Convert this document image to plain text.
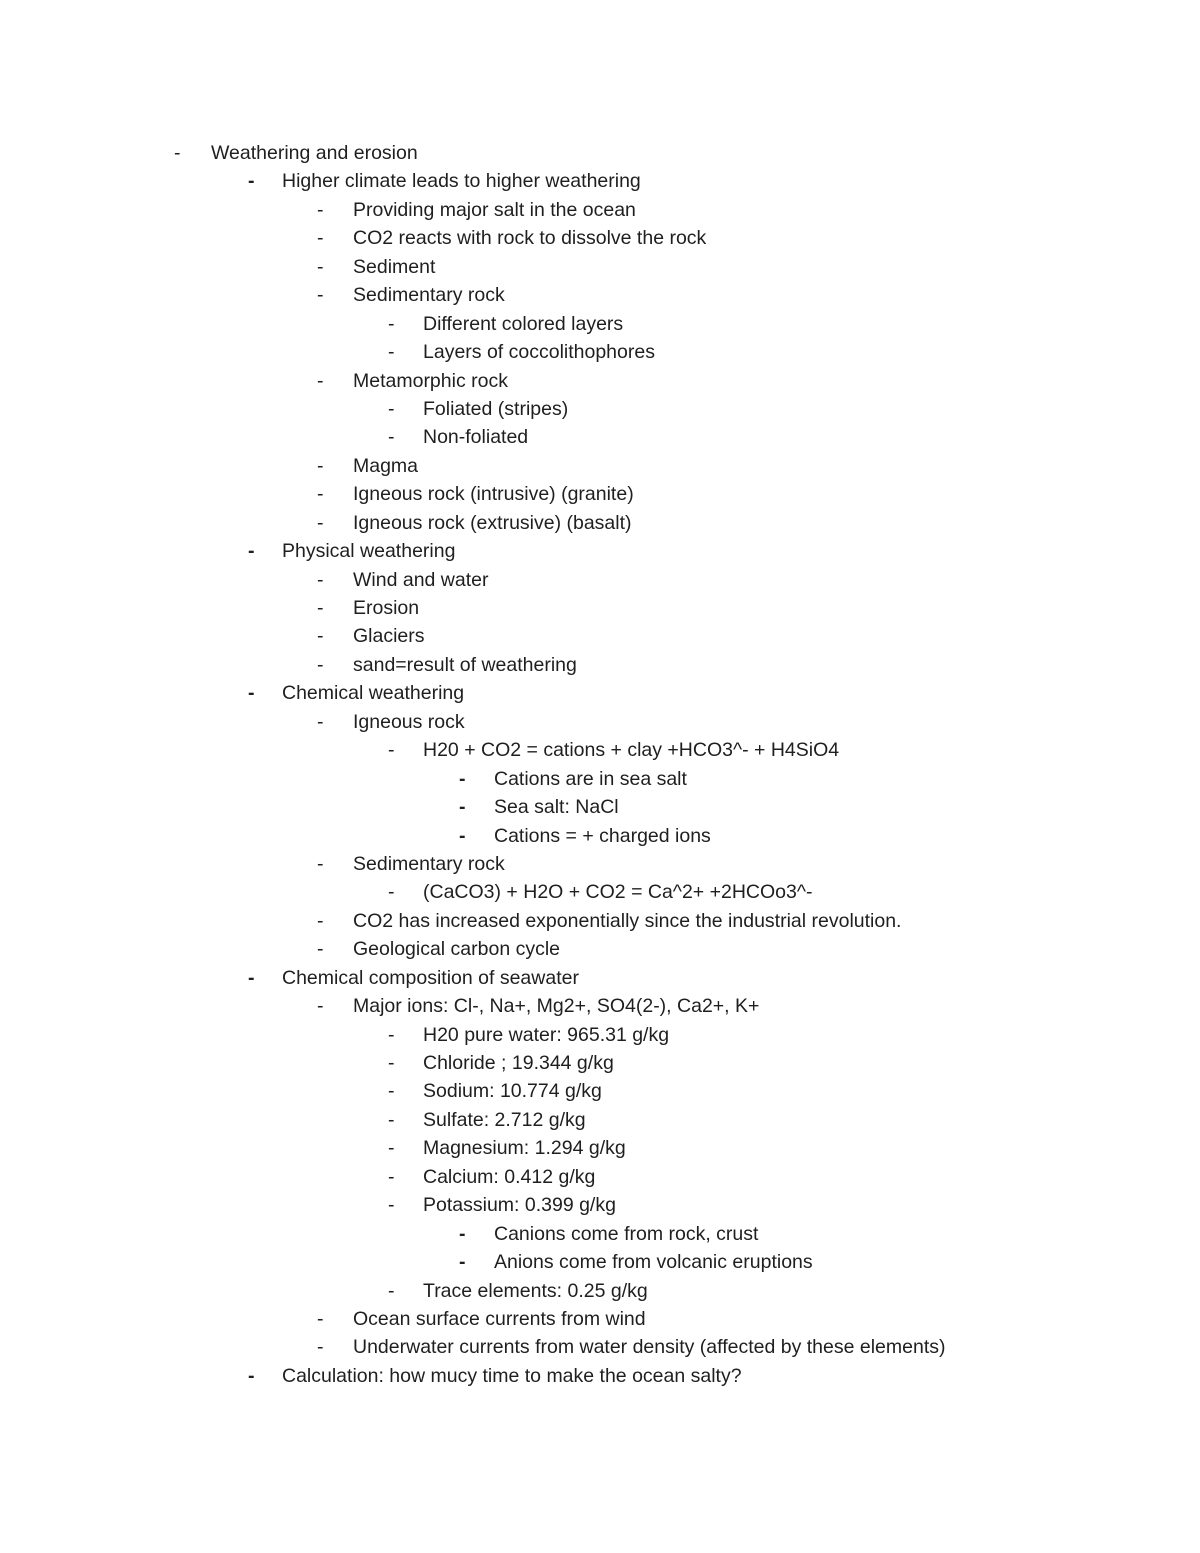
- Weathering and erosion
- Higher climate leads to higher weathering
- Providing major salt in the ocean
- CO2 reacts with rock to dissolve the rock
- Sediment
- Sedimentary rock
- Different colored layers
- Layers of coccolithophores
- Metamorphic rock
- Foliated (stripes)
- Non-foliated
- Magma
- Igneous rock (intrusive) (granite)
- Igneous rock (extrusive) (basalt)
- Physical weathering
- Wind and water
- Erosion
- Glaciers
- sand=result of weathering
- Chemical weathering
- Igneous rock
- H20 + CO2 = cations + clay +HCO3^- + H4SiO4
- Cations are in sea salt
- Sea salt: NaCl
- Cations = + charged ions
- Sedimentary rock
- (CaCO3) + H2O + CO2 = Ca^2+ +2HCOo3^-
- CO2 has increased exponentially since the industrial revolution.
- Geological carbon cycle
- Chemical composition of seawater
- Major ions: Cl-, Na+, Mg2+, SO4(2-), Ca2+, K+
- H20 pure water: 965.31 g/kg
- Chloride ; 19.344 g/kg
- Sodium: 10.774 g/kg
- Sulfate: 2.712 g/kg
- Magnesium: 1.294 g/kg
- Calcium: 0.412 g/kg
- Potassium: 0.399 g/kg
- Canions come from rock, crust
- Anions come from volcanic eruptions
- Trace elements: 0.25 g/kg
- Ocean surface currents from wind
- Underwater currents from water density (affected by these elements)
- Calculation: how mucy time to make the ocean salty?
